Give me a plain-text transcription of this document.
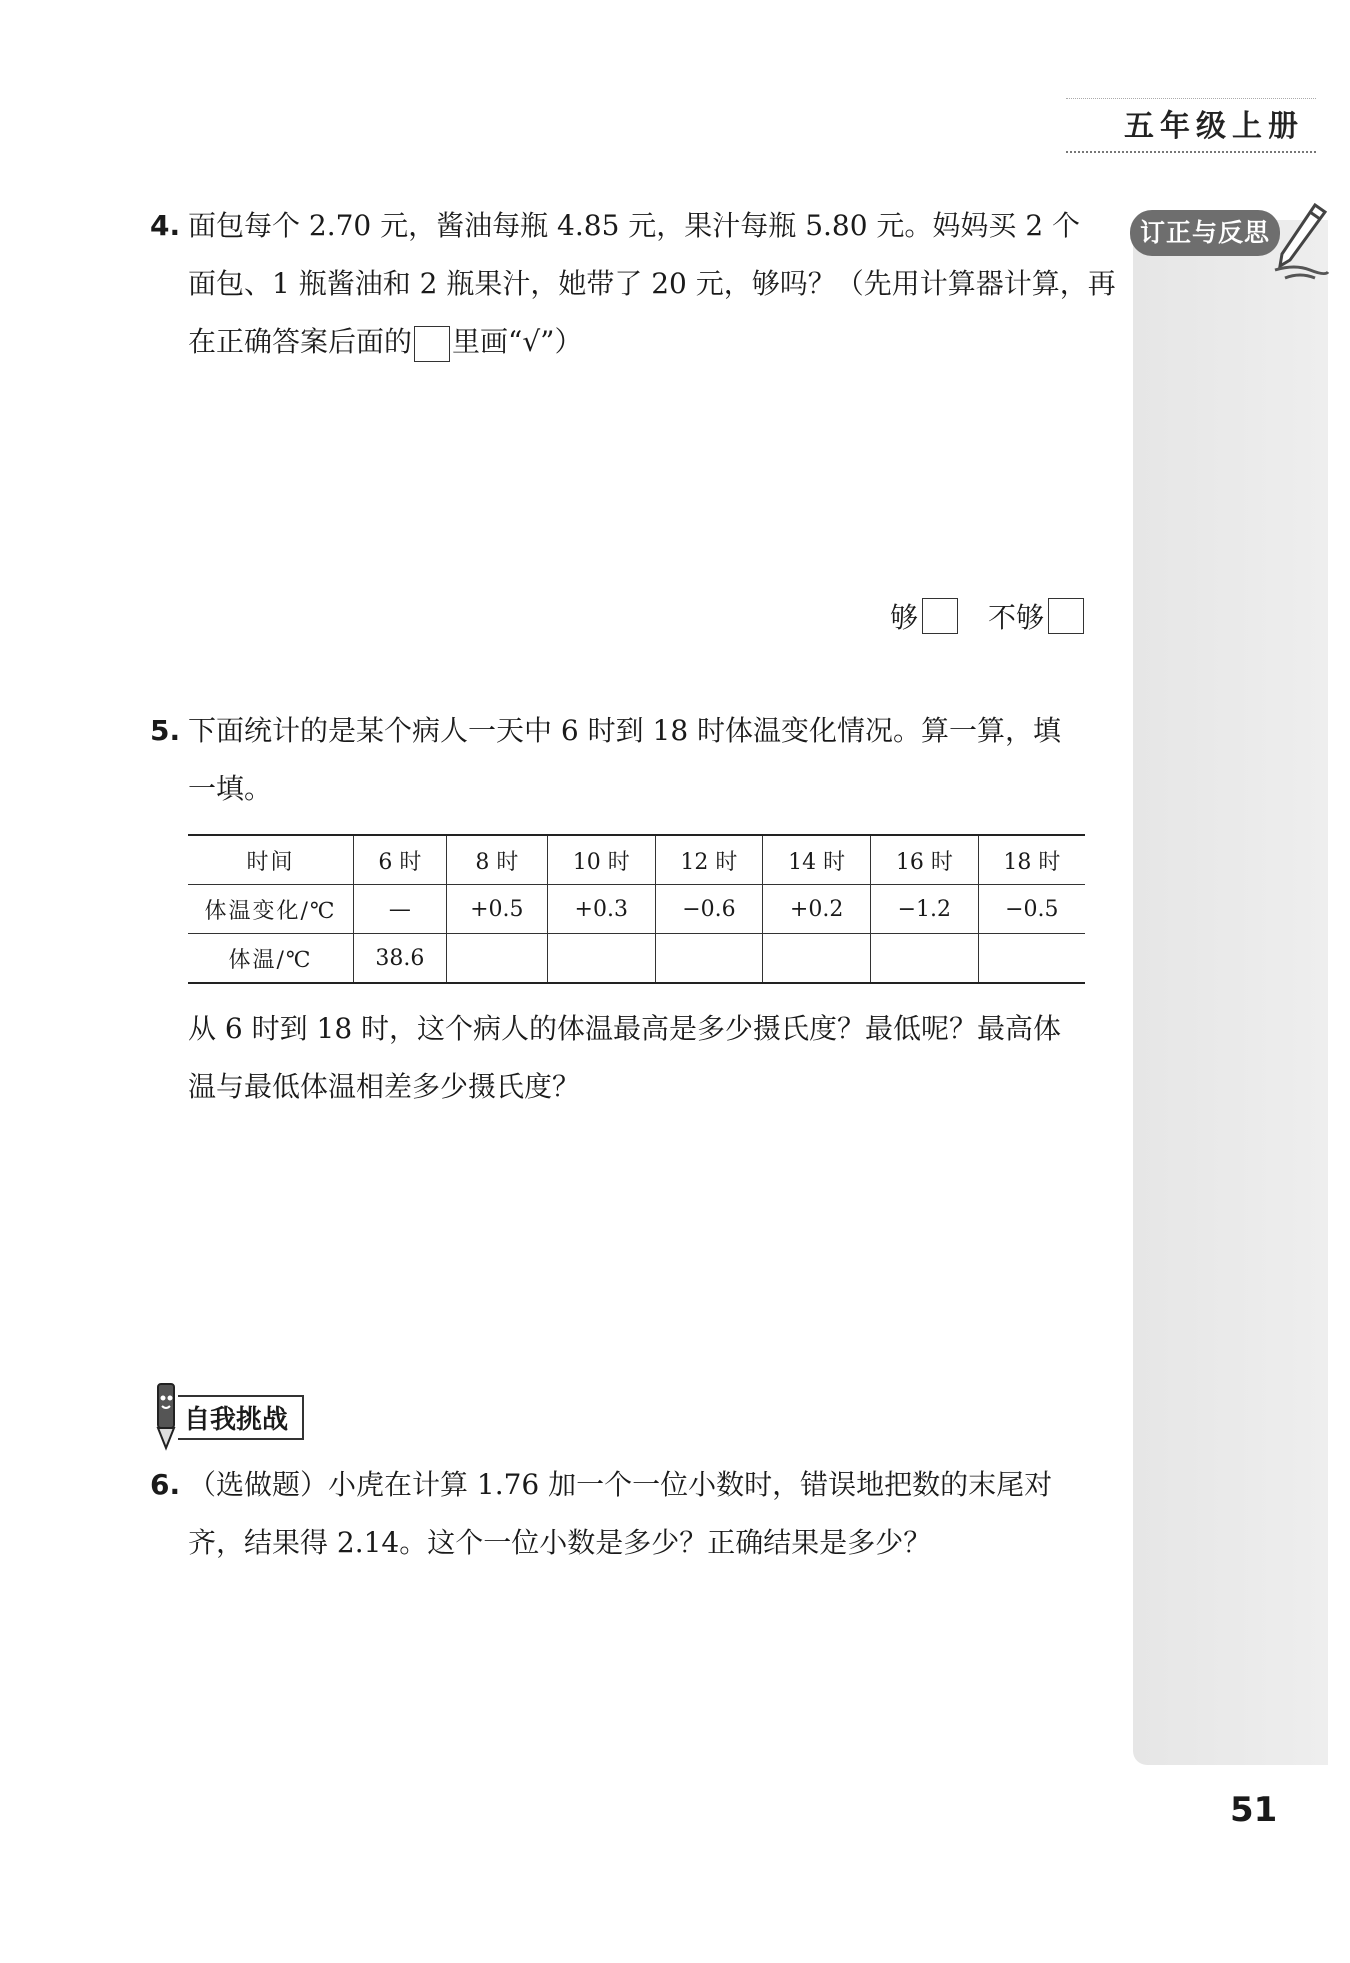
五年级上册
订正与反思
4. 面包每个 2.70 元，酱油每瓶 4.85 元，果汁每瓶 5.80 元。妈妈买 2 个
面包、1 瓶酱油和 2 瓶果汁，她带了 20 元，够吗？（先用计算器计算，再
在正确答案后面的 里画“√”）
够	不够
5. 下面统计的是某个病人一天中 6 时到 18 时体温变化情况。算一算，填
一填。
时间	6 时	8 时	10 时	12 时	14 时	16 时	18 时
体温变化/℃	—	+0.5	+0.3	−0.6	+0.2	−1.2	−0.5
体温/℃	38.6						
从 6 时到 18 时，这个病人的体温最高是多少摄氏度？最低呢？最高体
温与最低体温相差多少摄氏度？
自我挑战
6. （选做题）小虎在计算 1.76 加一个一位小数时，错误地把数的末尾对
齐，结果得 2.14。这个一位小数是多少？正确结果是多少？
51
